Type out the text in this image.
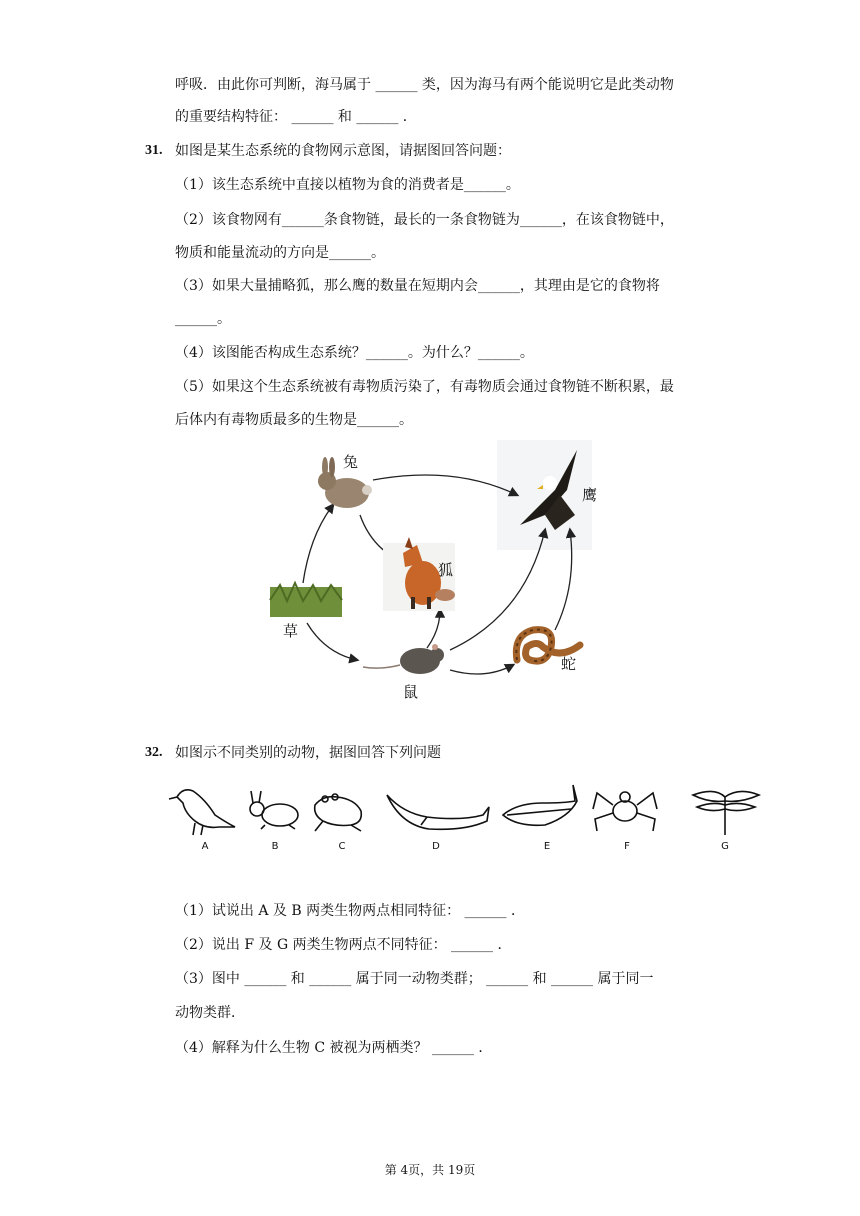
呼吸．由此你可判断，海马属于 ______ 类，因为海马有两个能说明它是此类动物
的重要结构特征： ______ 和 ______ ．
31. 如图是某生态系统的食物网示意图，请据图回答问题：
（1）该生态系统中直接以植物为食的消费者是______。
（2）该食物网有______条食物链，最长的一条食物链为______，在该食物链中，
物质和能量流动的方向是______。
（3）如果大量捕略狐，那么鹰的数量在短期内会______，其理由是它的食物将
______。
（4）该图能否构成生态系统？______。为什么？______。
（5）如果这个生态系统被有毒物质污染了，有毒物质会通过食物链不断积累，最
后体内有毒物质最多的生物是______。
兔
鹰
狐
草
鼠
蛇
32. 如图示不同类别的动物，据图回答下列问题
A	B	C	D	E	F	G
（1）试说出 A 及 B 两类生物两点相同特征： ______ ．
（2）说出 F 及 G 两类生物两点不同特征： ______ ．
（3）图中 ______ 和 ______ 属于同一动物类群； ______ 和 ______ 属于同一
动物类群．
（4）解释为什么生物 C 被视为两栖类？ ______ ．
第 4页，共 19页
